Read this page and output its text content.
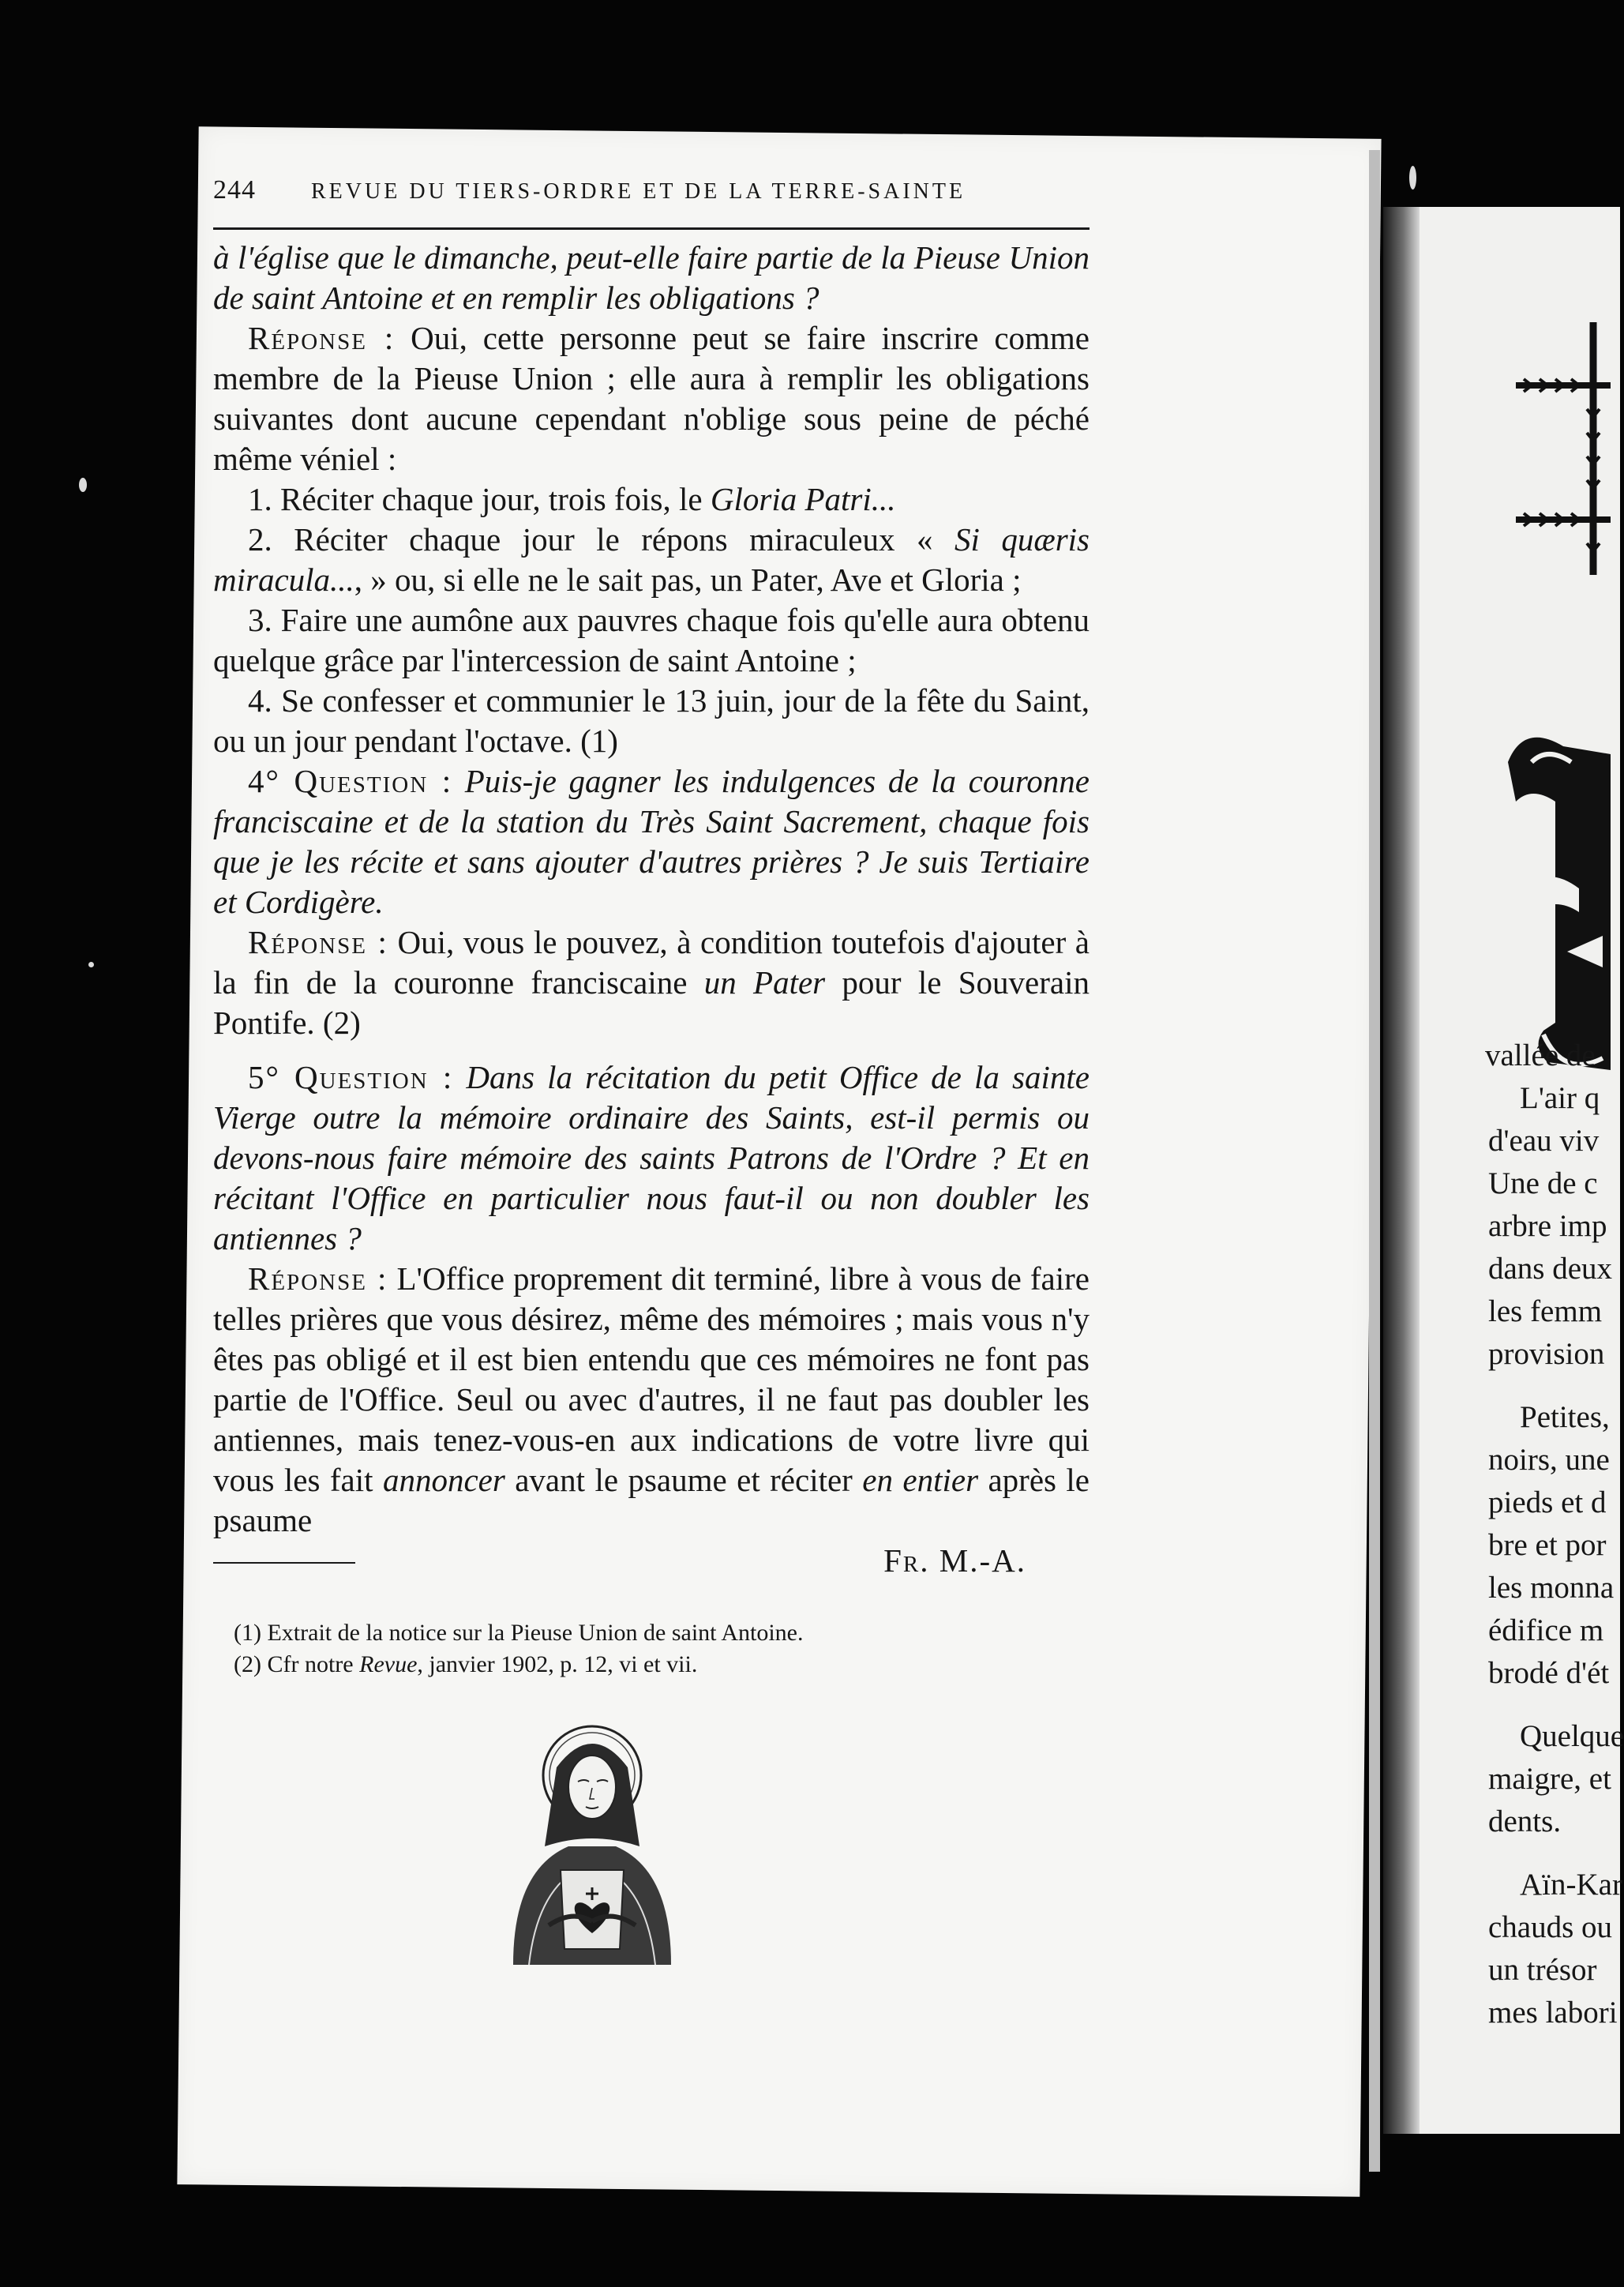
244	REVUE DU TIERS-ORDRE ET DE LA TERRE-SAINTE

à l'église que le dimanche, peut-elle faire partie de la Pieuse Union de saint Antoine et en remplir les obligations ?

Réponse : Oui, cette personne peut se faire inscrire comme membre de la Pieuse Union ; elle aura à remplir les obligations suivantes dont aucune cependant n'oblige sous peine de péché même véniel :

1. Réciter chaque jour, trois fois, le Gloria Patri...

2. Réciter chaque jour le répons miraculeux « Si quæris miracula..., » ou, si elle ne le sait pas, un Pater, Ave et Gloria ;

3. Faire une aumône aux pauvres chaque fois qu'elle aura obtenu quelque grâce par l'intercession de saint Antoine ;

4. Se confesser et communier le 13 juin, jour de la fête du Saint, ou un jour pendant l'octave. (1)

4° Question : Puis-je gagner les indulgences de la couronne franciscaine et de la station du Très Saint Sacrement, chaque fois que je les récite et sans ajouter d'autres prières ? Je suis Tertiaire et Cordigère.

Réponse : Oui, vous le pouvez, à condition toutefois d'ajouter à la fin de la couronne franciscaine un Pater pour le Souverain Pontife. (2)

5° Question : Dans la récitation du petit Office de la sainte Vierge outre la mémoire ordinaire des Saints, est-il permis ou devons-nous faire mémoire des saints Patrons de l'Ordre ? Et en récitant l'Office en particulier nous faut-il ou non doubler les antiennes ?

Réponse : L'Office proprement dit terminé, libre à vous de faire telles prières que vous désirez, même des mémoires ; mais vous n'y êtes pas obligé et il est bien entendu que ces mémoires ne font pas partie de l'Office. Seul ou avec d'autres, il ne faut pas doubler les antiennes, mais tenez-vous-en aux indications de votre livre qui vous les fait annoncer avant le psaume et réciter en entier après le psaume

Fr. M.-A.

(1) Extrait de la notice sur la Pieuse Union de saint Antoine.

(2) Cfr notre Revue, janvier 1902, p. 12, vi et vii.

vallée de
L'air q
d'eau viv
Une de c
arbre imp
dans deux
les femm
provision
Petites,
noirs, une
pieds et d
bre et por
les monna
édifice m
brodé d'ét
Quelque
maigre, et
dents.
Aïn-Kar
chauds ou
un trésor
mes labori
